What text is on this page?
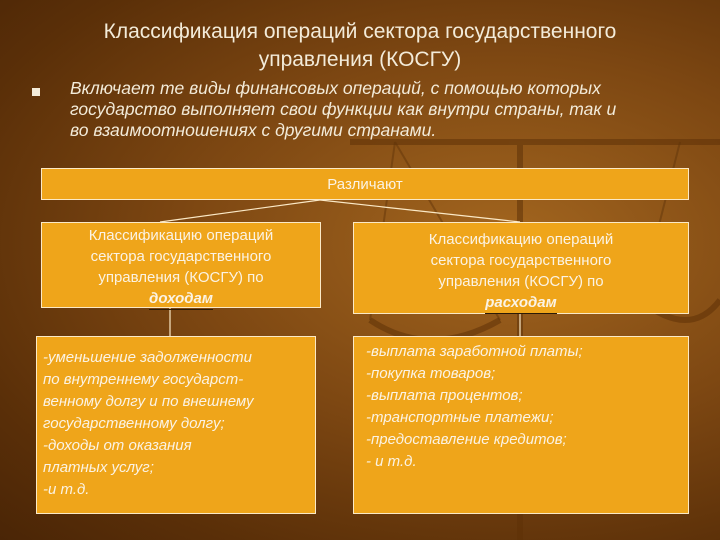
Классификация операций сектора государственного
управления (КОСГУ)
Включает те виды финансовых операций, с помощью которых
государство выполняет свои функции как внутри страны, так и
во взаимоотношениях с другими странами.
Различают
Классификацию операций
сектора государственного
управления (КОСГУ) по
доходам
Классификацию операций
сектора государственного
управления (КОСГУ) по
расходам
-уменьшение задолженности
по внутреннему государст-
венному долгу и по внешнему
государственному долгу;
-доходы от оказания
платных услуг;
-и т.д.
-выплата заработной платы;
-покупка товаров;
-выплата процентов;
-транспортные платежи;
-предоставление кредитов;
- и т.д.
